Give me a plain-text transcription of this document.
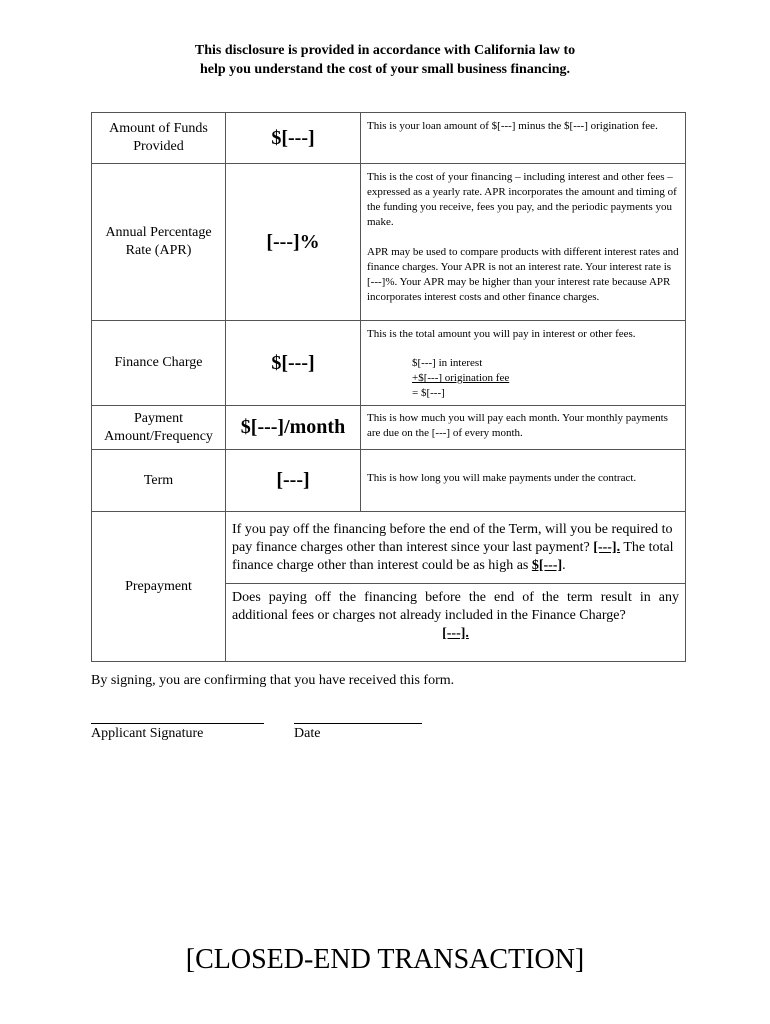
This disclosure is provided in accordance with California law to
help you understand the cost of your small business financing.
Amount of Funds Provided	$[---]	This is your loan amount of $[---] minus the $[---] origination fee.
Annual Percentage Rate (APR)	[---]%	This is the cost of your financing – including interest and other fees – expressed as a yearly rate. APR incorporates the amount and timing of the funding you receive, fees you pay, and the periodic payments you make.

APR may be used to compare products with different interest rates and finance charges. Your APR is not an interest rate. Your interest rate is [---]%. Your APR may be higher than your interest rate because APR incorporates interest costs and other finance charges.

Finance Charge	$[---]	This is the total amount you will pay in interest or other fees.

$[---] in interest
+$[---] origination fee
= $[---]

Payment Amount/Frequency	$[---]/month	This is how much you will pay each month. Your monthly payments are due on the [---] of every month.
Term	[---]	This is how long you will make payments under the contract.
Prepayment	If you pay off the financing before the end of the Term, will you be required to pay finance charges other than interest since your last payment? [---]. The total finance charge other than interest could be as high as $[---].
Does paying off the financing before the end of the term result in any additional fees or charges not already included in the Finance Charge?
[---].	
By signing, you are confirming that you have received this form.
Applicant Signature	Date
[CLOSED-END TRANSACTION]
